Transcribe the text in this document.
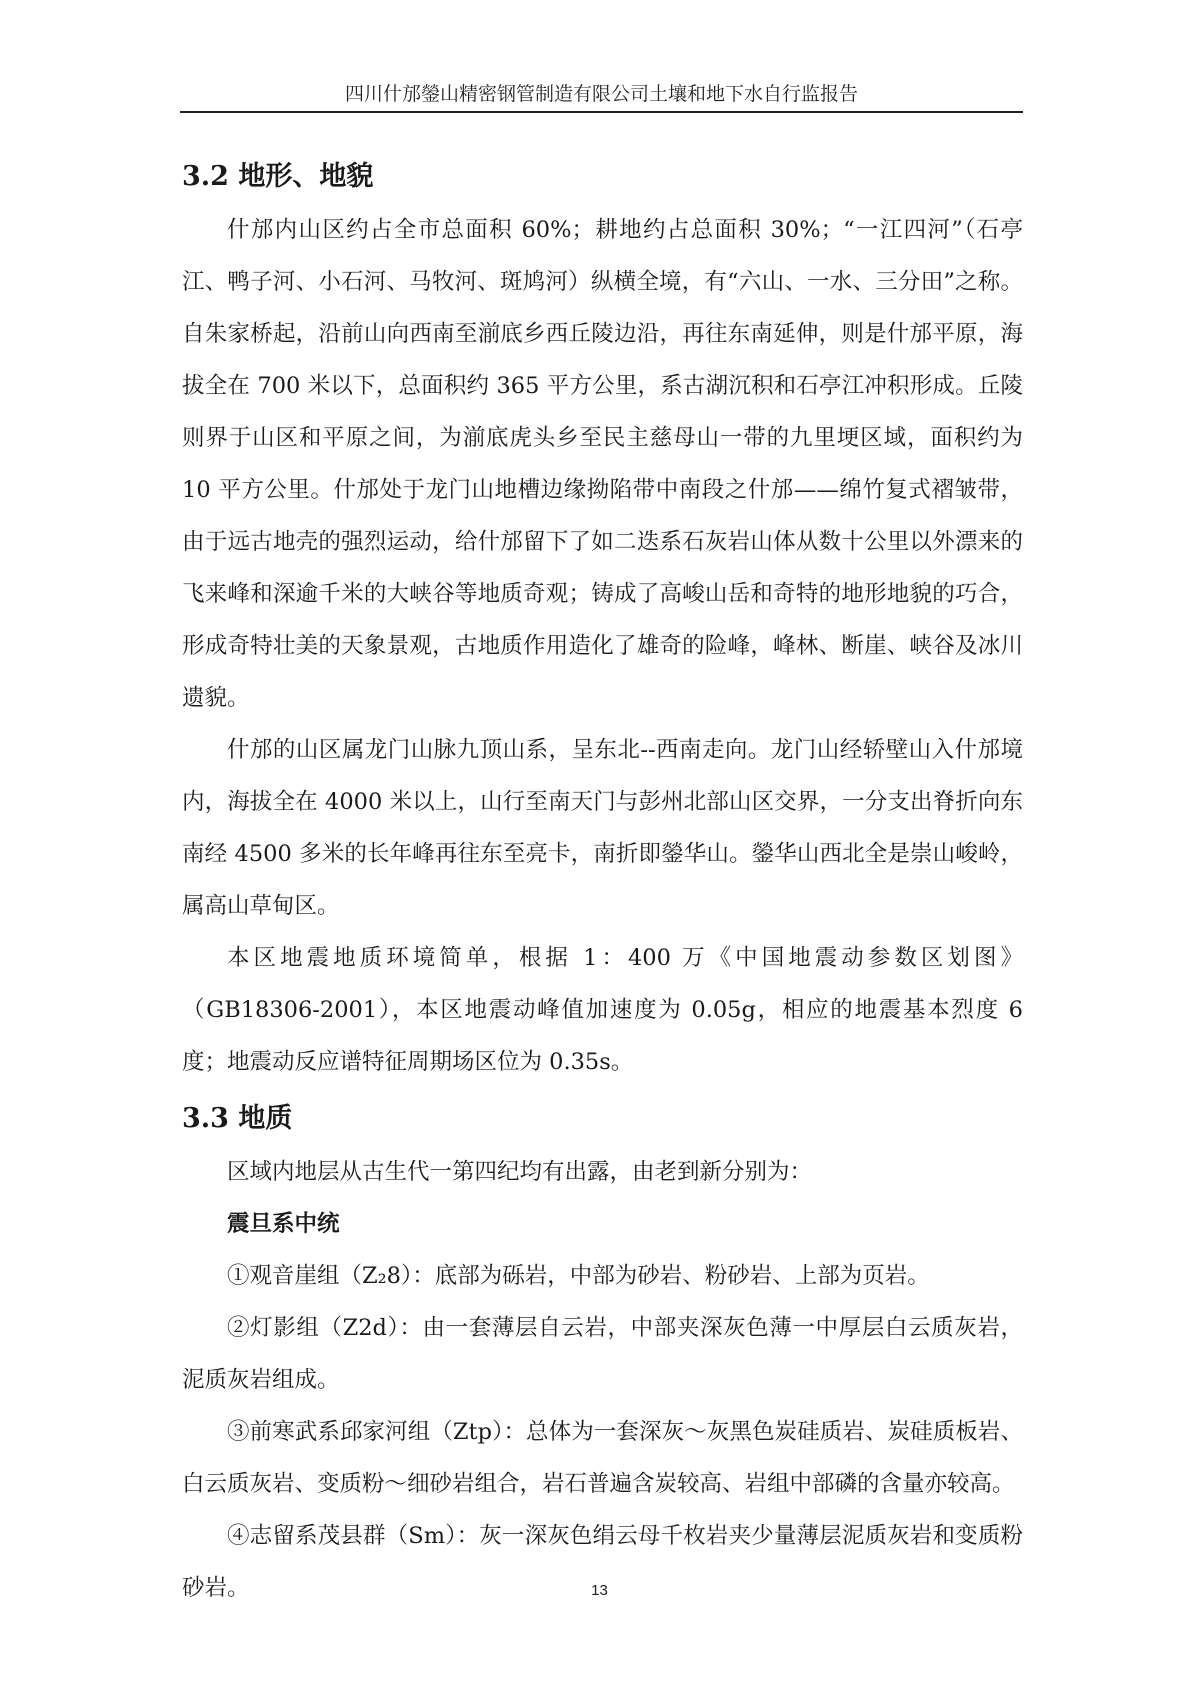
四川什邡鎣山精密钢管制造有限公司土壤和地下水自行监报告
3.2 地形、地貌

什邡内山区约占全市总面积 60%；耕地约占总面积 30%；“一江四河”（石亭江、鸭子河、小石河、马牧河、斑鸠河）纵横全境，有“六山、一水、三分田”之称。自朱家桥起，沿前山向西南至湔底乡西丘陵边沿，再往东南延伸，则是什邡平原，海拔全在 700 米以下，总面积约 365 平方公里，系古湖沉积和石亭江冲积形成。丘陵则界于山区和平原之间，为湔底虎头乡至民主慈母山一带的九里埂区域，面积约为 10 平方公里。什邡处于龙门山地槽边缘拗陷带中南段之什邡——绵竹复式褶皱带，由于远古地壳的强烈运动，给什邡留下了如二迭系石灰岩山体从数十公里以外漂来的飞来峰和深逾千米的大峡谷等地质奇观；铸成了高峻山岳和奇特的地形地貌的巧合，形成奇特壮美的天象景观，古地质作用造化了雄奇的险峰，峰林、断崖、峡谷及冰川遗貌。

什邡的山区属龙门山脉九顶山系，呈东北--西南走向。龙门山经轿壁山入什邡境内，海拔全在 4000 米以上，山行至南天门与彭州北部山区交界，一分支出脊折向东南经 4500 多米的长年峰再往东至亮卡，南折即鎣华山。鎣华山西北全是崇山峻岭，属高山草甸区。

本区地震地质环境简单，根据 1：400 万《中国地震动参数区划图》（GB18306-2001），本区地震动峰值加速度为 0.05g，相应的地震基本烈度 6 度；地震动反应谱特征周期场区位为 0.35s。

3.3 地质

区域内地层从古生代一第四纪均有出露，由老到新分别为：

震旦系中统

①观音崖组（Z₂8）：底部为砾岩，中部为砂岩、粉砂岩、上部为页岩。

②灯影组（Z2d）：由一套薄层自云岩，中部夹深灰色薄一中厚层白云质灰岩，泥质灰岩组成。

③前寒武系邱家河组（Ztp）：总体为一套深灰～灰黑色炭硅质岩、炭硅质板岩、白云质灰岩、变质粉～细砂岩组合，岩石普遍含炭较高、岩组中部磷的含量亦较高。

④志留系茂县群（Sm）：灰一深灰色绢云母千枚岩夹少量薄层泥质灰岩和变质粉砂岩。	13
